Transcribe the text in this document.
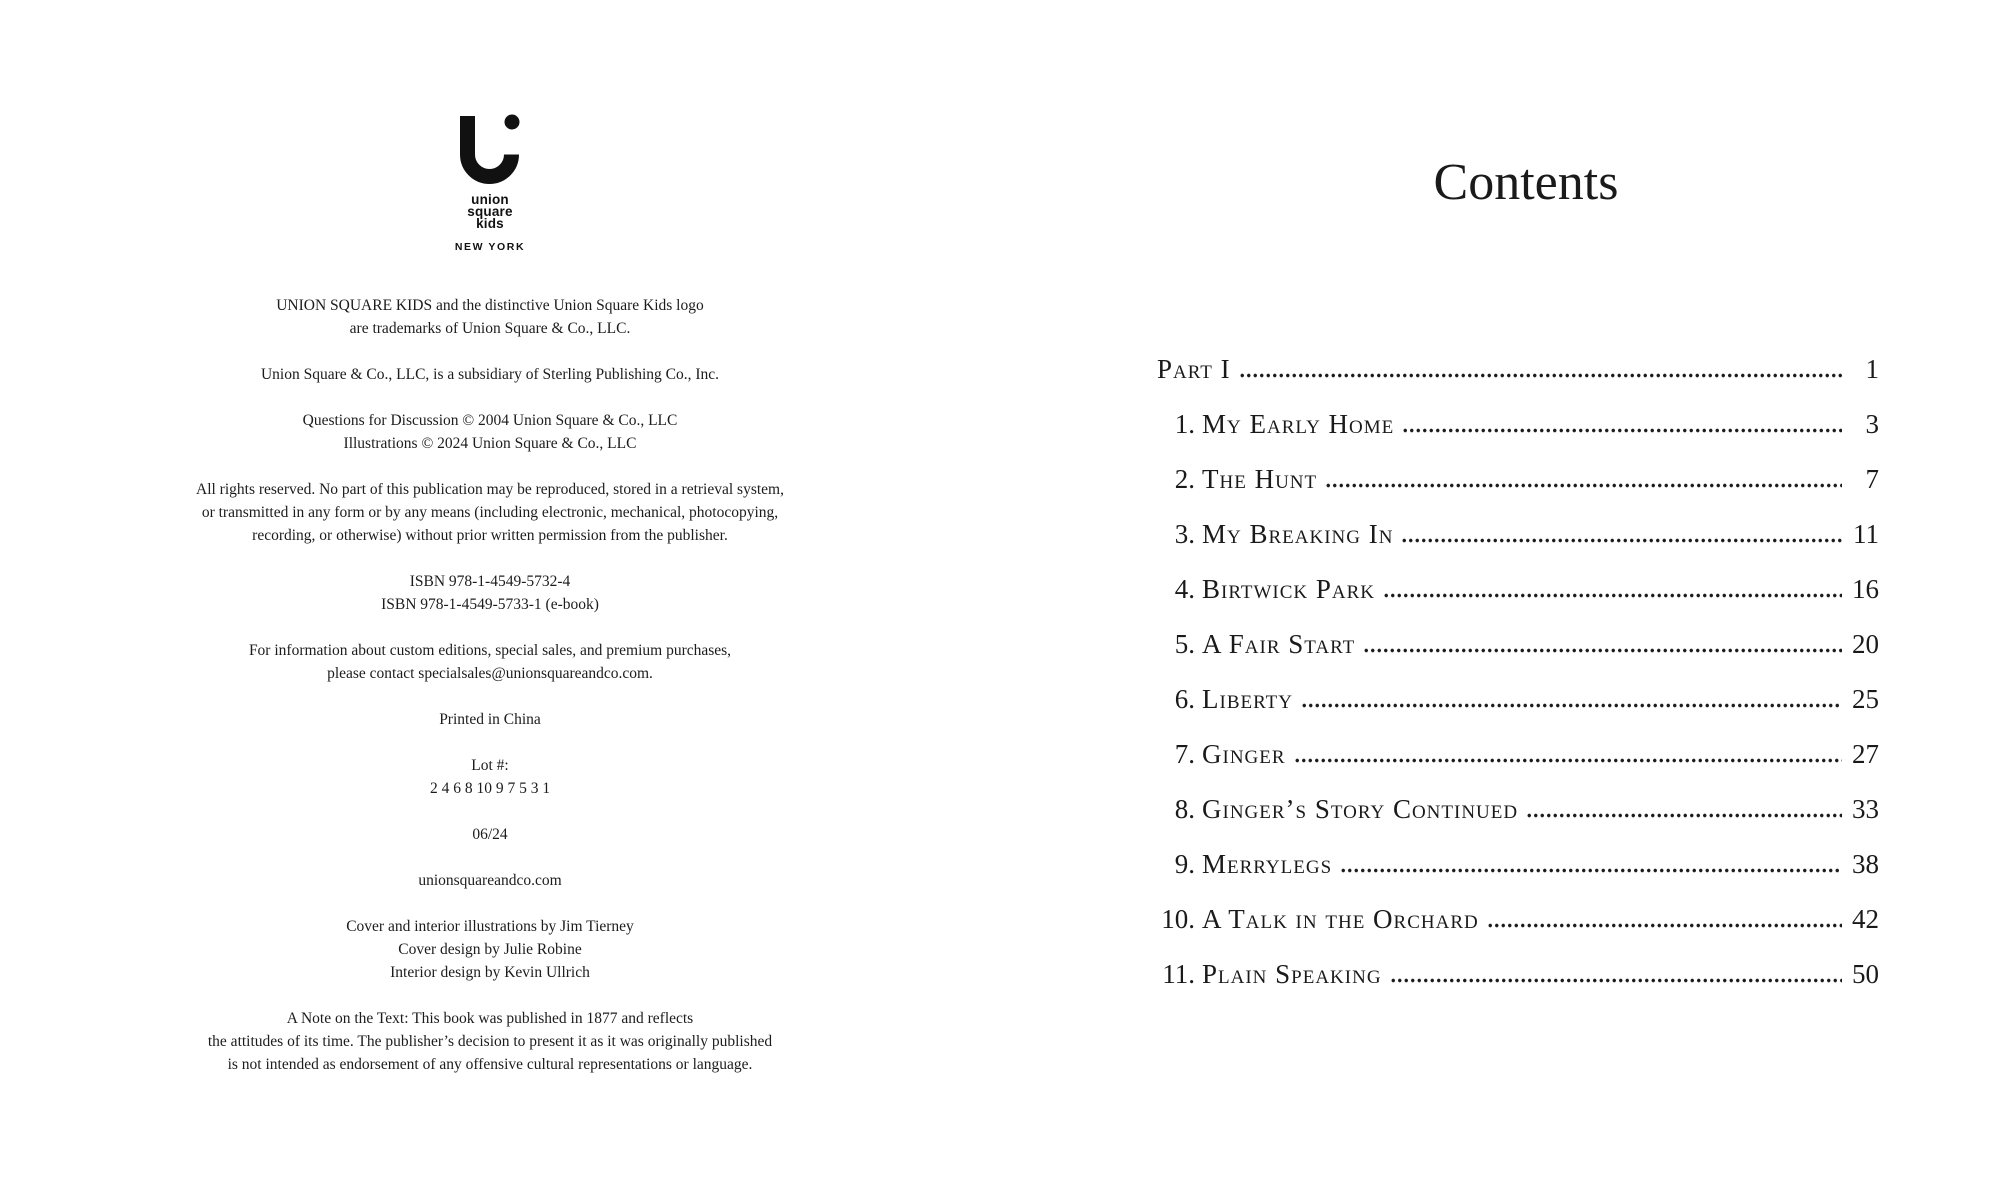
union
square
kids
NEW YORK

UNION SQUARE KIDS and the distinctive Union Square Kids logo
are trademarks of Union Square & Co., LLC.

Union Square & Co., LLC, is a subsidiary of Sterling Publishing Co., Inc.

Questions for Discussion © 2004 Union Square & Co., LLC
Illustrations © 2024 Union Square & Co., LLC

All rights reserved. No part of this publication may be reproduced, stored in a retrieval system,
or transmitted in any form or by any means (including electronic, mechanical, photocopying,
recording, or otherwise) without prior written permission from the publisher.

ISBN 978-1-4549-5732-4
ISBN 978-1-4549-5733-1 (e-book)

For information about custom editions, special sales, and premium purchases,
please contact specialsales@unionsquareandco.com.

Printed in China

Lot #:
2 4 6 8 10 9 7 5 3 1

06/24

unionsquareandco.com

Cover and interior illustrations by Jim Tierney
Cover design by Julie Robine
Interior design by Kevin Ullrich

A Note on the Text: This book was published in 1877 and reflects
the attitudes of its time. The publisher’s decision to present it as it was originally published
is not intended as endorsement of any offensive cultural representations or language.

Contents
Part I	1
1. My Early Home	3
2. The Hunt	7
3. My Breaking In	11
4. Birtwick Park	16
5. A Fair Start	20
6. Liberty	25
7. Ginger	27
8. Ginger’s Story Continued	33
9. Merrylegs	38
10. A Talk in the Orchard	42
11. Plain Speaking	50
